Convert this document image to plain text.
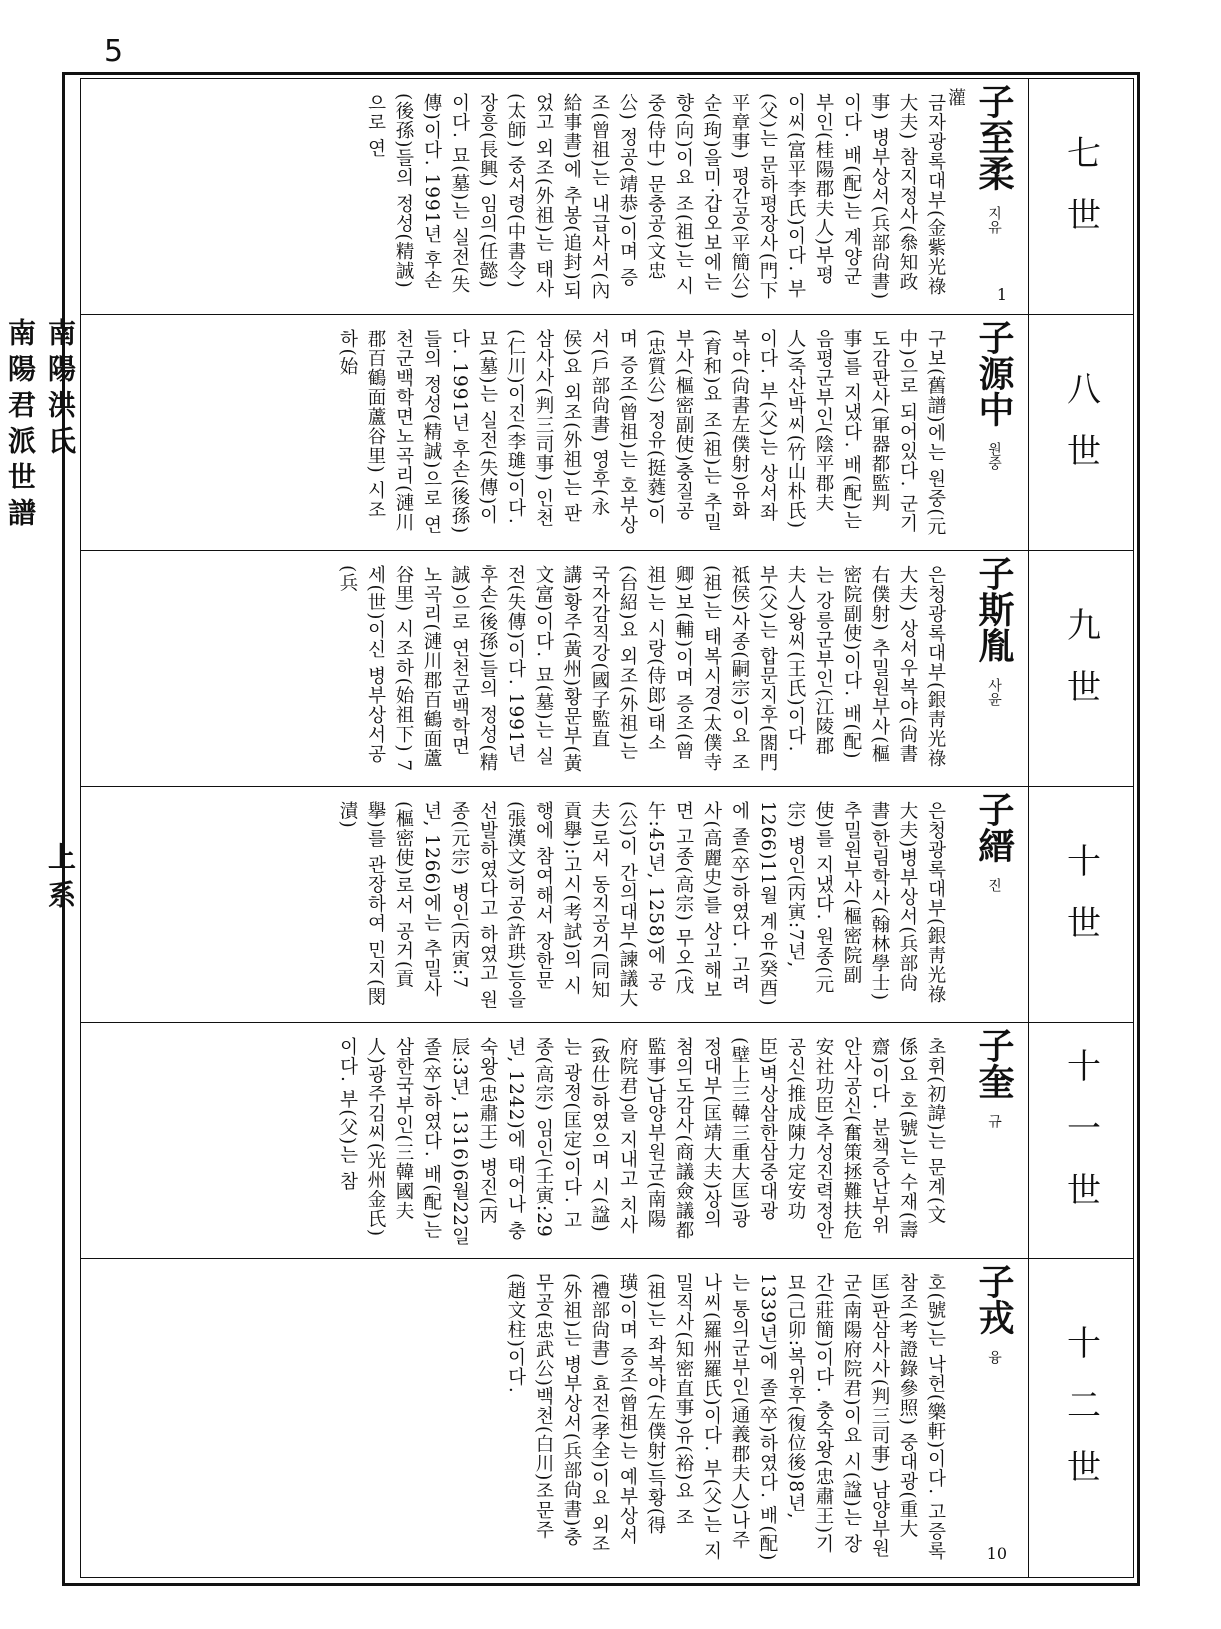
5
南陽洪氏
南陽君派世譜
上系
灌
七世
子至柔 지유
금자광록대부(金紫光祿大夫) 참지정사(叅知政事) 병부상서(兵部尙書)이다. 배(配)는 계양군부인(桂陽郡夫人)부평이씨(富平李氏)이다. 부(父)는 문하평장사(門下平章事) 평간공(平簡公) 순(珣)을미·갑오보에는 향(向)이요 조(祖)는 시중(侍中) 문충공(文忠公) 정공(靖恭)이며 증조(曾祖)는 내급사서(內給事書)에 추봉(追封)되었고 외조(外祖)는 태사(太師) 중서령(中書令) 장흥(長興) 임의(任懿)이다. 묘(墓)는 실전(失傳)이다. 1991년 후손(後孫)들의 정성(精誠)으로 연
1
八世
子源中 원중
구보(舊譜)에는 원중(元中)으로 되어있다. 군기도감판사(軍器都監判事)를 지냈다. 배(配)는 음평군부인(陰平郡夫人)죽산박씨(竹山朴氏)이다. 부(父)는 상서좌복야(尙書左僕射)유화(育和)요 조(祖)는 추밀부사(樞密副使)충질공(忠質公) 정유(挺蕤)이며 증조(曾祖)는 호부상서(戶部尙書) 영후(永侯)요 외조(外祖)는 판삼사사(判三司事) 인천(仁川)이진(李璡)이다. 묘(墓)는 실전(失傳)이다. 1991년 후손(後孫)들의 정성(精誠)으로 연천군백학면노곡리(漣川郡百鶴面蘆谷里) 시조하(始
九世
子斯胤 사윤
은청광록대부(銀靑光祿大夫) 상서우복야(尙書右僕射) 추밀원부사(樞密院副使)이다. 배(配)는 강릉군부인(江陵郡夫人)왕씨(王氏)이다. 부(父)는 합문지후(閤門祗侯)사종(嗣宗)이요 조(祖)는 태복시경(太僕寺卿)보(輔)이며 증조(曾祖)는 시랑(侍郎)태소(台紹)요 외조(外祖)는 국자감직강(國子監直講)황주(黃州)황문부(黃文富)이다. 묘(墓)는 실전(失傳)이다. 1991년 후손(後孫)들의 정성(精誠)으로 연천군백학면노곡리(漣川郡百鶴面蘆谷里) 시조하(始祖下) 7세(世)이신 병부상서공(兵
十世
子縉 진
은청광록대부(銀靑光祿大夫)병부상서(兵部尙書)한림학사(翰林學士)추밀원부사(樞密院副使)를 지냈다. 원종(元宗) 병인(丙寅:7년, 1266)11월 계유(癸酉)에 졸(卒)하였다. 고려사(高麗史)를 상고해보면 고종(高宗) 무오(戊午:45년, 1258)에 공(公)이 간의대부(諫議大夫)로서 동지공거(同知貢擧):고시(考試)의 시행에 참여해서 장한문(張漢文)허공(許珙)등을 선발하였다고 하였고 원종(元宗) 병인(丙寅:7년, 1266)에는 추밀사(樞密使)로서 공거(貢擧)를 관장하여 민지(閔漬)
十一世
子奎 규
초휘(初諱)는 문계(文係)요 호(號)는 수재(壽齋)이다. 분책증난부위안사공신(奮策拯難扶危安社功臣)추성진력정안공신(推成陳力定安功臣)벽상삼한삼중대광(壁上三韓三重大匡)광정대부(匡靖大夫)상의첨의도감사(商議僉議都監事)남양부원군(南陽府院君)을 지내고 치사(致仕)하였으며 시(諡)는 광정(匡定)이다. 고종(高宗) 임인(壬寅:29년, 1242)에 태어나 충숙왕(忠肅王) 병진(丙辰:3년, 1316)6월22일 졸(卒)하였다. 배(配)는 삼한국부인(三韓國夫人)광주김씨(光州金氏)이다. 부(父)는 참
十二世
子戎 융
호(號)는 낙헌(樂軒)이다. 고증록참조(考證錄參照) 중대광(重大匡)판삼사사(判三司事) 남양부원군(南陽府院君)이요 시(諡)는 장간(莊簡)이다. 충숙왕(忠肅王)기묘(己卯:복위후(復位後)8년, 1339년)에 졸(卒)하였다. 배(配)는 통의군부인(通義郡夫人)나주나씨(羅州羅氏)이다. 부(父)는 지밀직사(知密直事)유(裕)요 조(祖)는 좌복야(左僕射)득황(得璜)이며 증조(曾祖)는 예부상서(禮部尙書) 효전(孝全)이요 외조(外祖)는 병부상서(兵部尙書)충무공(忠武公)백천(白川)조문주(趙文柱)이다.
10
